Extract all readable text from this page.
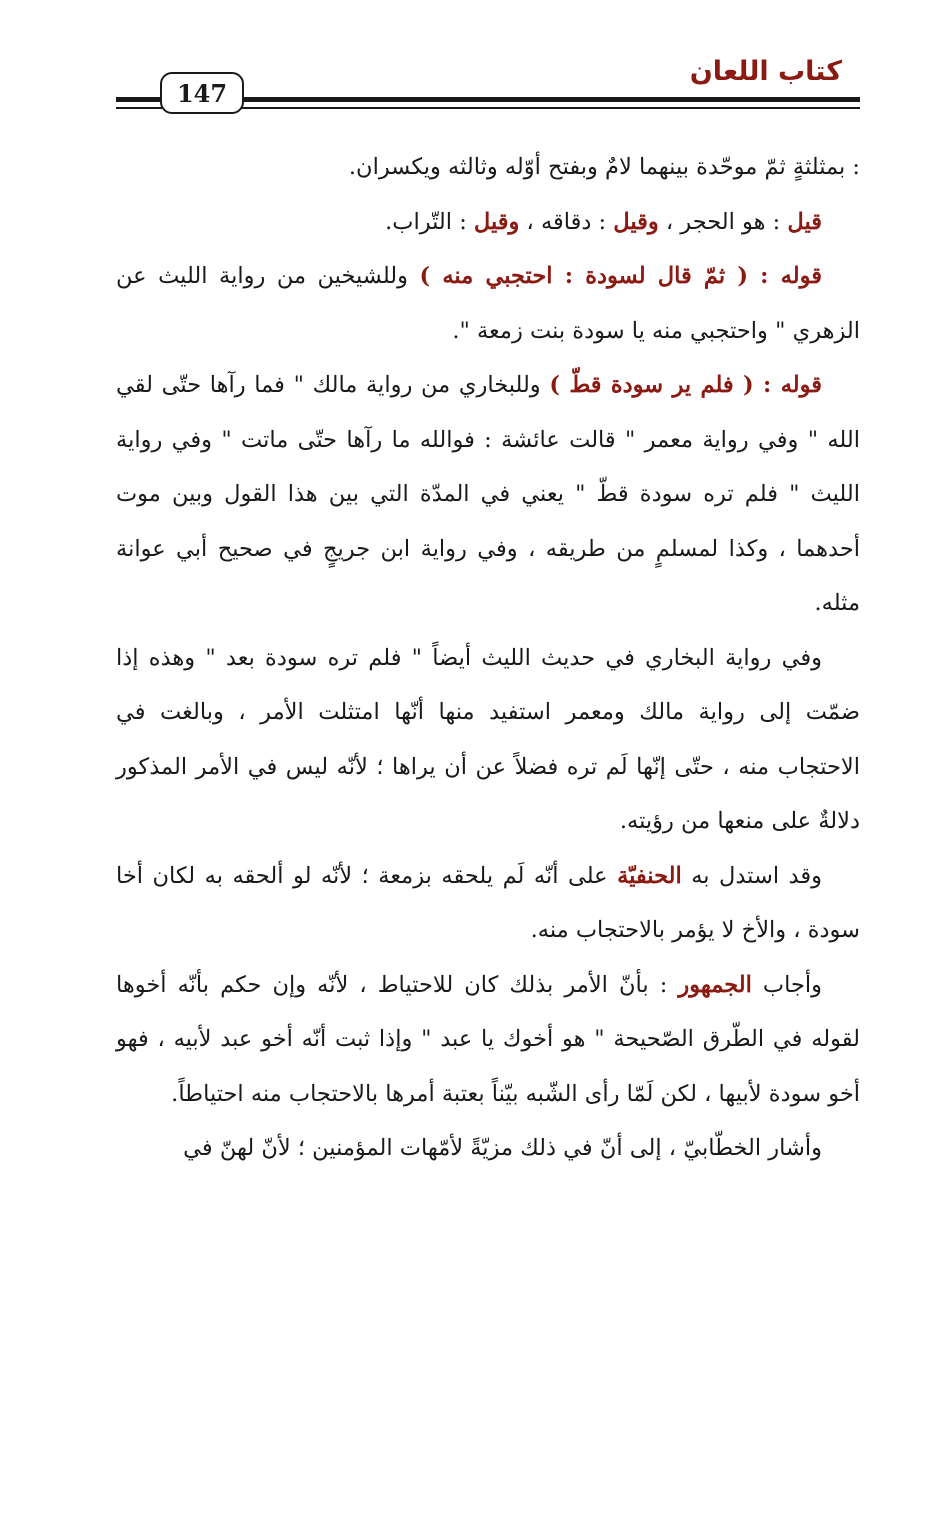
كتاب اللعان
147

: بمثلثةٍ ثمّ موحّدة بينهما لامٌ وبفتح أوّله وثالثه ويكسران.

قيل : هو الحجر ، وقيل : دقاقه ، وقيل : التّراب.

قوله : ( ثمّ قال لسودة : احتجبي منه ) وللشيخين من رواية الليث عن الزهري " واحتجبي منه يا سودة بنت زمعة ".

قوله : ( فلم ير سودة قطّ ) وللبخاري من رواية مالك " فما رآها حتّى لقي الله " وفي رواية معمر " قالت عائشة : فوالله ما رآها حتّى ماتت " وفي رواية الليث " فلم تره سودة قطّ " يعني في المدّة التي بين هذا القول وبين موت أحدهما ، وكذا لمسلمٍ من طريقه ، وفي رواية ابن جريجٍ في صحيح أبي عوانة مثله.

وفي رواية البخاري في حديث الليث أيضاً " فلم تره سودة بعد " وهذه إذا ضمّت إلى رواية مالك ومعمر استفيد منها أنّها امتثلت الأمر ، وبالغت في الاحتجاب منه ، حتّى إنّها لَم تره فضلاً عن أن يراها ؛ لأنّه ليس في الأمر المذكور دلالةٌ على منعها من رؤيته.

وقد استدل به الحنفيّة على أنّه لَم يلحقه بزمعة ؛ لأنّه لو ألحقه به لكان أخا سودة ، والأخ لا يؤمر بالاحتجاب منه.

وأجاب الجمهور : بأنّ الأمر بذلك كان للاحتياط ، لأنّه وإن حكم بأنّه أخوها لقوله في الطّرق الصّحيحة " هو أخوك يا عبد " وإذا ثبت أنّه أخو عبد لأبيه ، فهو أخو سودة لأبيها ، لكن لَمّا رأى الشّبه بيّناً بعتبة أمرها بالاحتجاب منه احتياطاً.

وأشار الخطّابيّ ، إلى أنّ في ذلك مزيّةً لأمّهات المؤمنين ؛ لأنّ لهنّ في
